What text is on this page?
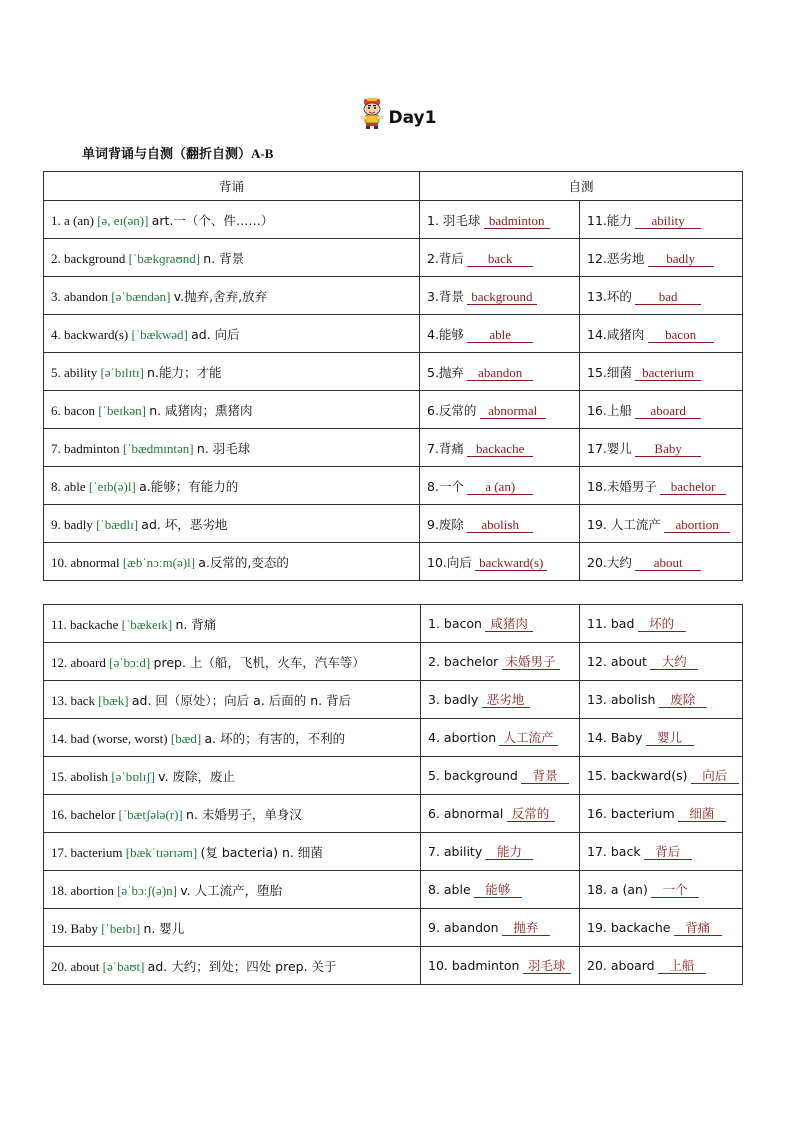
Day1
单词背诵与自测（翻折自测）A-B
背诵	自测	
1. a (an) [ə, eɪ(ən)] art.一（个、件……）	1. 羽毛球 badminton	11.能力 ability
2. background [ˈbækɡraʊnd] n. 背景	2.背后 back	12.恶劣地 badly
3. abandon [əˈbændən] v.抛弃,舍弃,放弃	3.背景 background	13.坏的 bad
4. backward(s) [ˈbækwəd] ad. 向后	4.能够 able	14.咸猪肉 bacon
5. ability [əˈbɪlɪtɪ] n.能力；才能	5.抛弃 abandon	15.细菌 bacterium
6. bacon [ˈbeɪkən] n. 咸猪肉；熏猪肉	6.反常的 abnormal	16.上船 aboard
7. badminton [ˈbædmɪntən] n. 羽毛球	7.背痛 backache	17.婴儿 Baby
8. able [ˈeɪb(ə)l] a.能够；有能力的	8.一个 a (an)	18.未婚男子 bachelor
9. badly [ˈbædlɪ] ad. 坏，恶劣地	9.废除 abolish	19. 人工流产 abortion
10. abnormal [æbˈnɔːm(ə)l] a.反常的,变态的	10.向后 backward(s)	20.大约 about
11. backache [ˈbækeɪk] n. 背痛	1. bacon 咸猪肉	11. bad 坏的
12. aboard [əˈbɔːd] prep. 上（船，飞机，火车，汽车等）	2. bachelor 未婚男子	12. about 大约
13. back [bæk] ad. 回（原处）；向后 a. 后面的 n. 背后	3. badly 恶劣地	13. abolish 废除
14. bad (worse, worst) [bæd] a. 坏的；有害的，不利的	4. abortion 人工流产	14. Baby 婴儿
15. abolish [əˈbɒlɪʃ] v. 废除，废止	5. background 背景	15. backward(s) 向后
16. bachelor [ˈbætʃələ(r)] n. 未婚男子，单身汉	6. abnormal 反常的	16. bacterium 细菌
17. bacterium [bækˈtɪərɪəm] (复 bacteria) n. 细菌	7. ability 能力	17. back 背后
18. abortion [əˈbɔːʃ(ə)n] v. 人工流产，堕胎	8. able 能够	18. a (an) 一个
19. Baby [ˈbeɪbɪ] n. 婴儿	9. abandon 抛弃	19. backache 背痛
20. about [əˈbaʊt] ad. 大约；到处；四处 prep. 关于	10. badminton 羽毛球	20. aboard 上船
